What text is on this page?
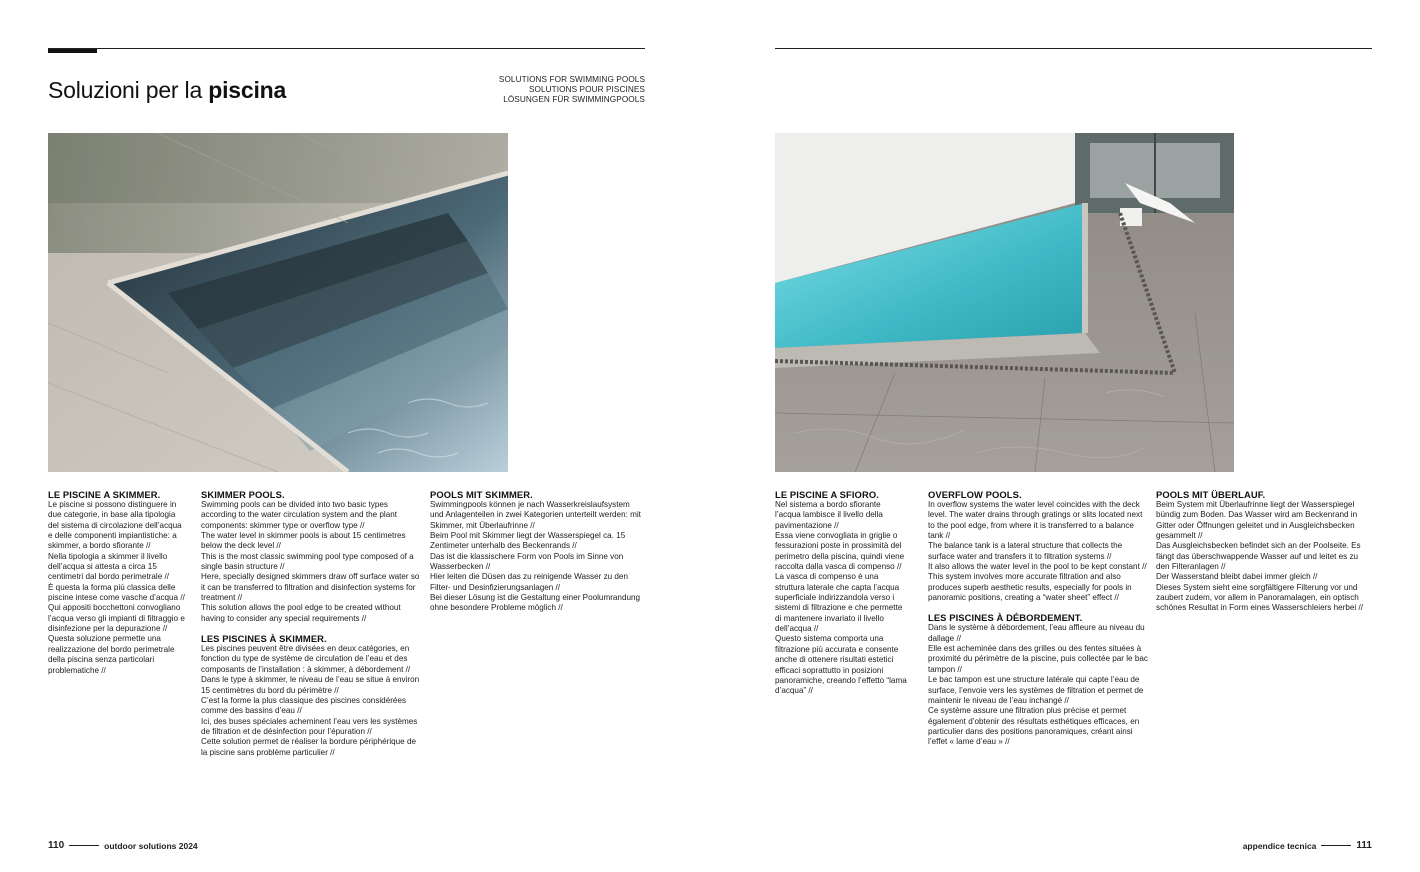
Soluzioni per la piscina	SOLUTIONS FOR SWIMMING POOLS
SOLUTIONS POUR PISCINES
LÖSUNGEN FÜR SWIMMINGPOOLS
LE PISCINE A SKIMMER.

Le piscine si possono distinguere in
due categorie, in base alla tipologia
del sistema di circolazione dell’acqua
e delle componenti impiantistiche: a
skimmer, a bordo sfiorante //
Nella tipologia a skimmer il livello
dell’acqua si attesta a circa 15
centimetri dal bordo perimetrale //
È questa la forma più classica delle
piscine intese come vasche d’acqua //
Qui appositi bocchettoni convogliano
l’acqua verso gli impianti di filtraggio e
disinfezione per la depurazione //
Questa soluzione permette una
realizzazione del bordo perimetrale
della piscina senza particolari
problematiche //

SKIMMER POOLS.

Swimming pools can be divided into two basic types
according to the water circulation system and the plant
components: skimmer type or overflow type //
The water level in skimmer pools is about 15 centimetres
below the deck level //
This is the most classic swimming pool type composed of a
single basin structure //
Here, specially designed skimmers draw off surface water so
it can be transferred to filtration and disinfection systems for
treatment //
This solution allows the pool edge to be created without
having to consider any special requirements //

LES PISCINES À SKIMMER.

Les piscines peuvent être divisées en deux catégories, en
fonction du type de système de circulation de l’eau et des
composants de l’installation : à skimmer, à débordement //
Dans le type à skimmer, le niveau de l’eau se situe à environ
15 centimètres du bord du périmètre //
C’est la forme la plus classique des piscines considérées
comme des bassins d’eau //
Ici, des buses spéciales acheminent l’eau vers les systèmes
de filtration et de désinfection pour l’épuration //
Cette solution permet de réaliser la bordure périphérique de
la piscine sans problème particulier //

POOLS MIT SKIMMER.

Swimmingpools können je nach Wasserkreislaufsystem
und Anlagenteilen in zwei Kategorien unterteilt werden: mit
Skimmer, mit Überlaufrinne //
Beim Pool mit Skimmer liegt der Wasserspiegel ca. 15
Zentimeter unterhalb des Beckenrands //
Das ist die klassischere Form von Pools im Sinne von
Wasserbecken //
Hier leiten die Düsen das zu reinigende Wasser zu den
Filter- und Desinfizierungsanlagen //
Bei dieser Lösung ist die Gestaltung einer Poolumrandung
ohne besondere Probleme möglich //

110	outdoor solutions 2024
LE PISCINE A SFIORO.

Nel sistema a bordo sfiorante
l’acqua lambisce il livello della
pavimentazione //
Essa viene convogliata in griglie o
fessurazioni poste in prossimità del
perimetro della piscina, quindi viene
raccolta dalla vasca di compenso //
La vasca di compenso è una
struttura laterale che capta l’acqua
superficiale indirizzandola verso i
sistemi di filtrazione e che permette
di mantenere invariato il livello
dell’acqua //
Questo sistema comporta una
filtrazione più accurata e consente
anche di ottenere risultati estetici
efficaci soprattutto in posizioni
panoramiche, creando l’effetto “lama
d’acqua” //

OVERFLOW POOLS.

In overflow systems the water level coincides with the deck
level. The water drains through gratings or slits located next
to the pool edge, from where it is transferred to a balance
tank //
The balance tank is a lateral structure that collects the
surface water and transfers it to filtration systems //
It also allows the water level in the pool to be kept constant //
This system involves more accurate filtration and also
produces superb aesthetic results, especially for pools in
panoramic positions, creating a “water sheet” effect //

LES PISCINES À DÉBORDEMENT.

Dans le système à débordement, l’eau affleure au niveau du
dallage //
Elle est acheminée dans des grilles ou des fentes situées à
proximité du périmètre de la piscine, puis collectée par le bac
tampon //
Le bac tampon est une structure latérale qui capte l’eau de
surface, l’envoie vers les systèmes de filtration et permet de
maintenir le niveau de l’eau inchangé //
Ce système assure une filtration plus précise et permet
également d’obtenir des résultats esthétiques efficaces, en
particulier dans des positions panoramiques, créant ainsi
l’effet « lame d’eau » //

POOLS MIT ÜBERLAUF.

Beim System mit Überlaufrinne liegt der Wasserspiegel
bündig zum Boden. Das Wasser wird am Beckenrand in
Gitter oder Öffnungen geleitet und in Ausgleichsbecken
gesammelt //
Das Ausgleichsbecken befindet sich an der Poolseite. Es
fängt das überschwappende Wasser auf und leitet es zu
den Filteranlagen //
Der Wasserstand bleibt dabei immer gleich //
Dieses System sieht eine sorgfältigere Filterung vor und
zaubert zudem, vor allem in Panoramalagen, ein optisch
schönes Resultat in Form eines Wasserschleiers herbei //

appendice tecnica	111
